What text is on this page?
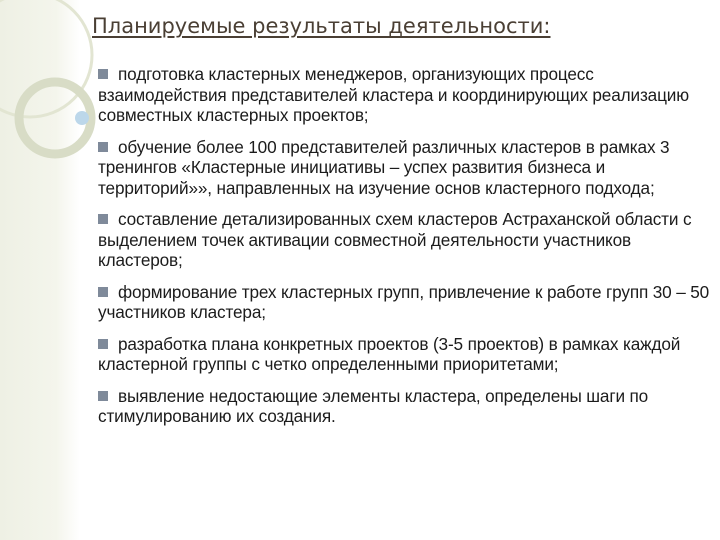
Планируемые результаты деятельности:
подготовка кластерных менеджеров, организующих процесс взаимодействия представителей кластера и координирующих реализацию совместных кластерных проектов;
обучение более 100 представителей различных кластеров в рамках 3 тренингов «Кластерные инициативы – успех развития бизнеса и территорий»», направленных на изучение основ кластерного подхода;
составление детализированных схем кластеров Астраханской области с выделением точек активации совместной деятельности участников кластеров;
формирование трех кластерных групп, привлечение к работе групп 30 – 50 участников кластера;
разработка плана конкретных проектов (3-5 проектов) в рамках каждой кластерной группы с четко определенными приоритетами;
выявление недостающие элементы кластера, определены шаги по стимулированию их создания.
